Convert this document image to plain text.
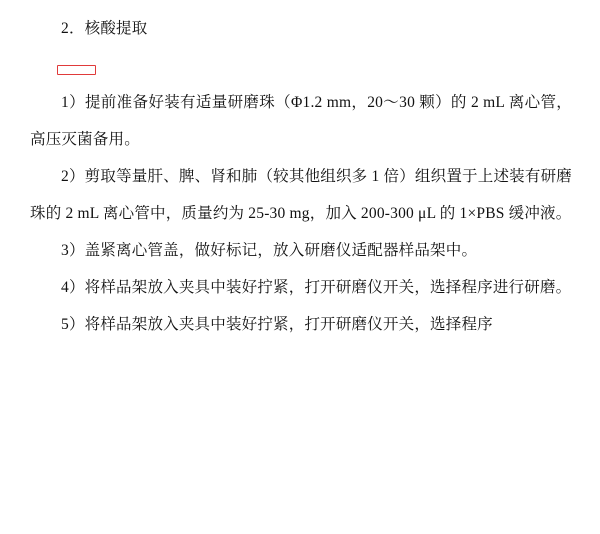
2．核酸提取

1）提前准备好装有适量研磨珠（Φ1.2 mm，20～30 颗）的 2 mL 离心管，高压灭菌备用。

2）剪取等量肝、脾、肾和肺（较其他组织多 1 倍）组织置于上述装有研磨珠的 2 mL 离心管中，质量约为 25-30 mg，加入 200-300 μL 的 1×PBS 缓冲液。

3）盖紧离心管盖，做好标记，放入研磨仪适配器样品架中。

4）将样品架放入夹具中装好拧紧，打开研磨仪开关，选择程序进行研磨。

5）将样品架放入夹具中装好拧紧，打开研磨仪开关，选择程序
